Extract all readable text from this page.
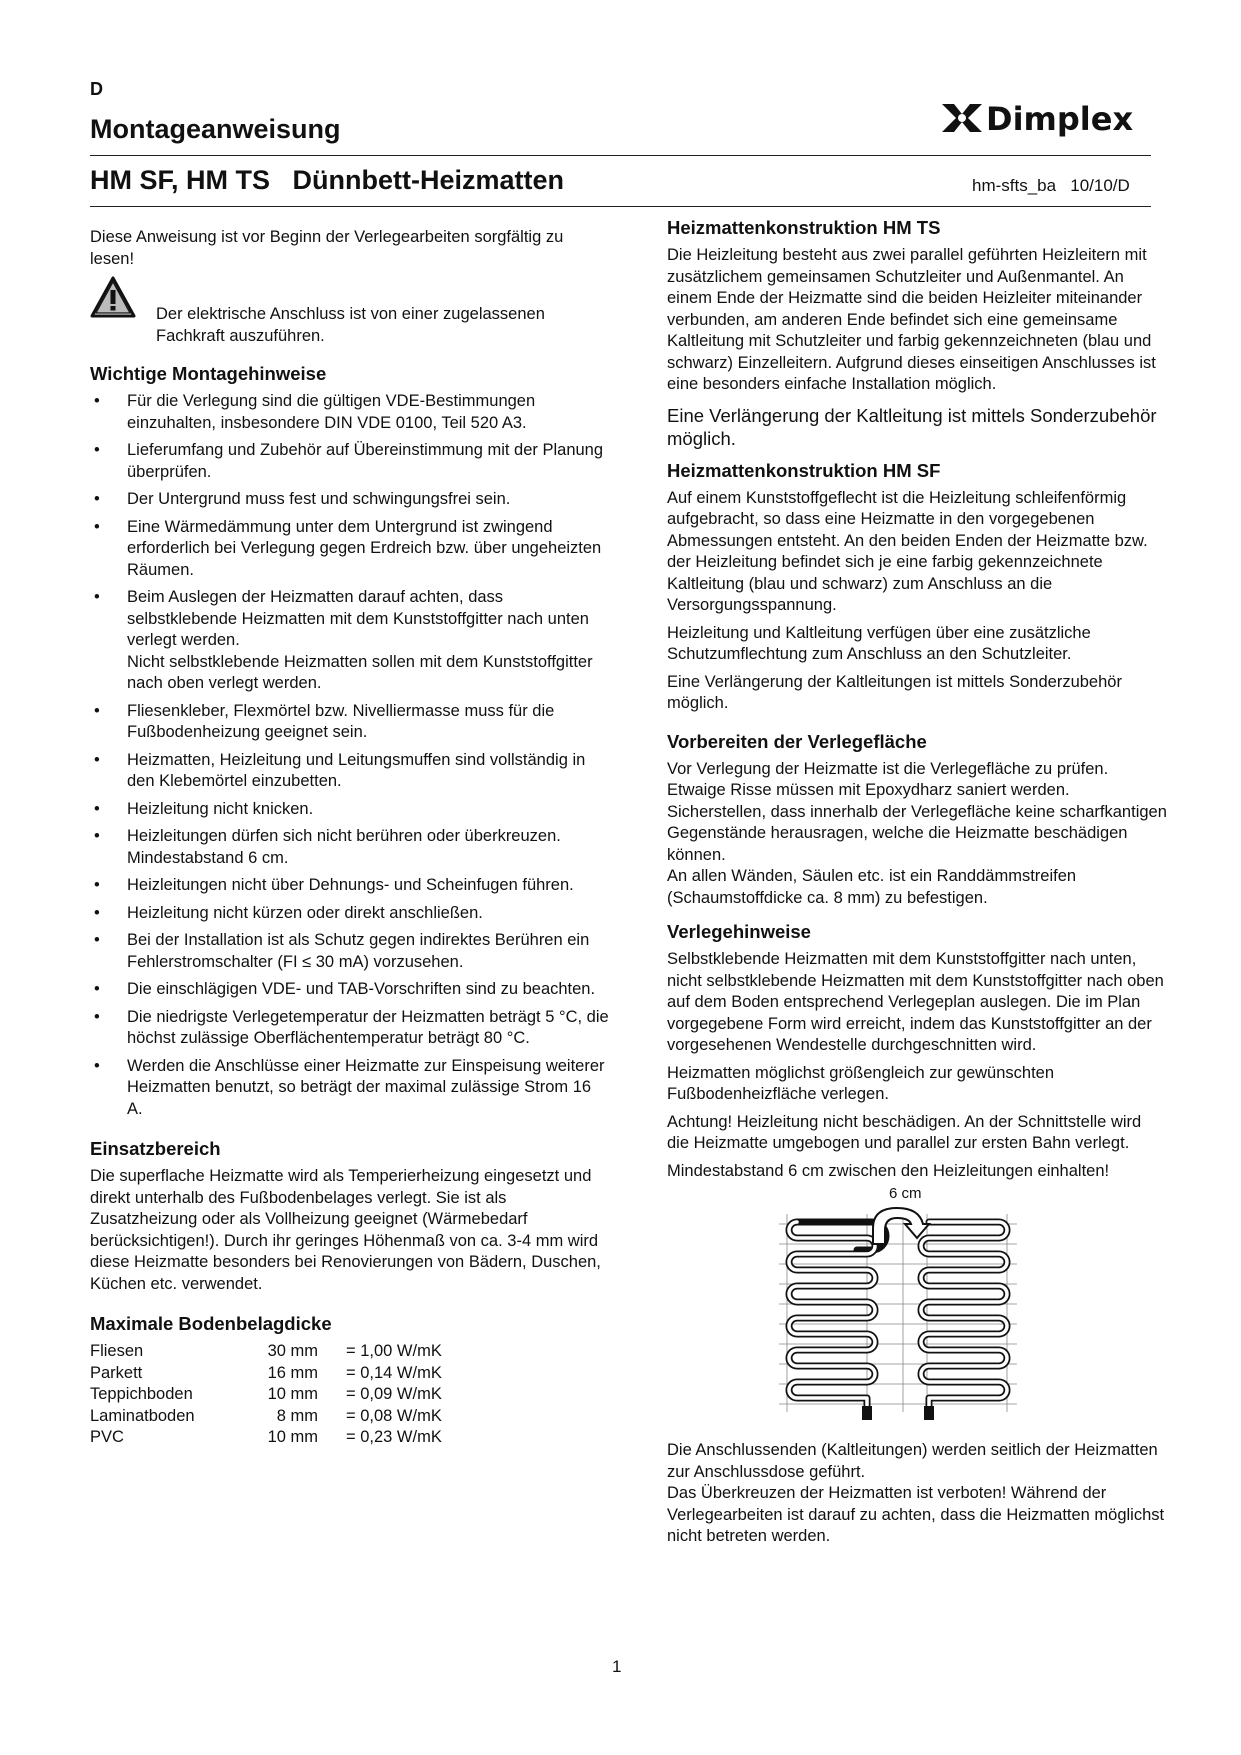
D
Montageanweisung	Dimplex
HM SF, HM TS   Dünnbett-Heizmatten	hm-sfts_ba   10/10/D

Diese Anweisung ist vor Beginn der Verlegearbeiten sorgfältig zu lesen!

Der elektrische Anschluss ist von einer zugelassenen Fachkraft auszuführen.
Wichtige Montagehinweise
• Für die Verlegung sind die gültigen VDE-Bestimmungen einzuhalten, insbesondere DIN VDE 0100, Teil 520 A3.
• Lieferumfang und Zubehör auf Übereinstimmung mit der Planung überprüfen.
• Der Untergrund muss fest und schwingungsfrei sein.
• Eine Wärmedämmung unter dem Untergrund ist zwingend erforderlich bei Verlegung gegen Erdreich bzw. über ungeheizten Räumen.
• Beim Auslegen der Heizmatten darauf achten, dass selbstklebende Heizmatten mit dem Kunststoffgitter nach unten verlegt werden.
Nicht selbstklebende Heizmatten sollen mit dem Kunststoffgitter nach oben verlegt werden.
• Fliesenkleber, Flexmörtel bzw. Nivelliermasse muss für die Fußbodenheizung geeignet sein.
• Heizmatten, Heizleitung und Leitungsmuffen sind vollständig in den Klebemörtel einzubetten.
• Heizleitung nicht knicken.
• Heizleitungen dürfen sich nicht berühren oder überkreuzen. Mindestabstand 6 cm.
• Heizleitungen nicht über Dehnungs- und Scheinfugen führen.
• Heizleitung nicht kürzen oder direkt anschließen.
• Bei der Installation ist als Schutz gegen indirektes Berühren ein Fehlerstromschalter (FI ≤ 30 mA) vorzusehen.
• Die einschlägigen VDE- und TAB-Vorschriften sind zu beachten.
• Die niedrigste Verlegetemperatur der Heizmatten beträgt 5 °C, die höchst zulässige Oberflächentemperatur beträgt 80 °C.
• Werden die Anschlüsse einer Heizmatte zur Einspeisung weiterer Heizmatten benutzt, so beträgt der maximal zulässige Strom 16 A.
Einsatzbereich

Die superflache Heizmatte wird als Temperierheizung eingesetzt und direkt unterhalb des Fußbodenbelages verlegt. Sie ist als Zusatzheizung oder als Vollheizung geeignet (Wärmebedarf berücksichtigen!). Durch ihr geringes Höhenmaß von ca. 3-4 mm wird diese Heizmatte besonders bei Renovierungen von Bädern, Duschen, Küchen etc. verwendet.

Maximale Bodenbelagdicke
Fliesen	30 mm	= 1,00 W/mK
Parkett	16 mm	= 0,14 W/mK
Teppichboden	10 mm	= 0,09 W/mK
Laminatboden	8 mm	= 0,08 W/mK
PVC	10 mm	= 0,23 W/mK
Heizmattenkonstruktion HM TS

Die Heizleitung besteht aus zwei parallel geführten Heizleitern mit zusätzlichem gemeinsamen Schutzleiter und Außenmantel. An einem Ende der Heizmatte sind die beiden Heizleiter miteinander verbunden, am anderen Ende befindet sich eine gemeinsame Kaltleitung mit Schutzleiter und farbig gekennzeichneten (blau und schwarz) Einzelleitern. Aufgrund dieses einseitigen Anschlusses ist eine besonders einfache Installation möglich.

Eine Verlängerung der Kaltleitung ist mittels Sonderzubehör möglich.

Heizmattenkonstruktion HM SF

Auf einem Kunststoffgeflecht ist die Heizleitung schleifenförmig aufgebracht, so dass eine Heizmatte in den vorgegebenen Abmessungen entsteht. An den beiden Enden der Heizmatte bzw. der Heizleitung befindet sich je eine farbig gekennzeichnete Kaltleitung (blau und schwarz) zum Anschluss an die Versorgungsspannung.

Heizleitung und Kaltleitung verfügen über eine zusätzliche Schutzumflechtung zum Anschluss an den Schutzleiter.

Eine Verlängerung der Kaltleitungen ist mittels Sonderzubehör möglich.

Vorbereiten der Verlegefläche

Vor Verlegung der Heizmatte ist die Verlegefläche zu prüfen. Etwaige Risse müssen mit Epoxydharz saniert werden. Sicherstellen, dass innerhalb der Verlegefläche keine scharfkantigen Gegenstände herausragen, welche die Heizmatte beschädigen können.

An allen Wänden, Säulen etc. ist ein Randdämmstreifen (Schaumstoffdicke ca. 8 mm) zu befestigen.

Verlegehinweise

Selbstklebende Heizmatten mit dem Kunststoffgitter nach unten, nicht selbstklebende Heizmatten mit dem Kunststoffgitter nach oben auf dem Boden entsprechend Verlegeplan auslegen. Die im Plan vorgegebene Form wird erreicht, indem das Kunststoffgitter an der vorgesehenen Wendestelle durchgeschnitten wird.

Heizmatten möglichst größengleich zur gewünschten Fußbodenheizfläche verlegen.

Achtung! Heizleitung nicht beschädigen. An der Schnittstelle wird die Heizmatte umgebogen und parallel zur ersten Bahn verlegt.

Mindestabstand 6 cm zwischen den Heizleitungen einhalten!

6 cm

Die Anschlussenden (Kaltleitungen) werden seitlich der Heizmatten zur Anschlussdose geführt.

Das Überkreuzen der Heizmatten ist verboten! Während der Verlegearbeiten ist darauf zu achten, dass die Heizmatten möglichst nicht betreten werden.

1
